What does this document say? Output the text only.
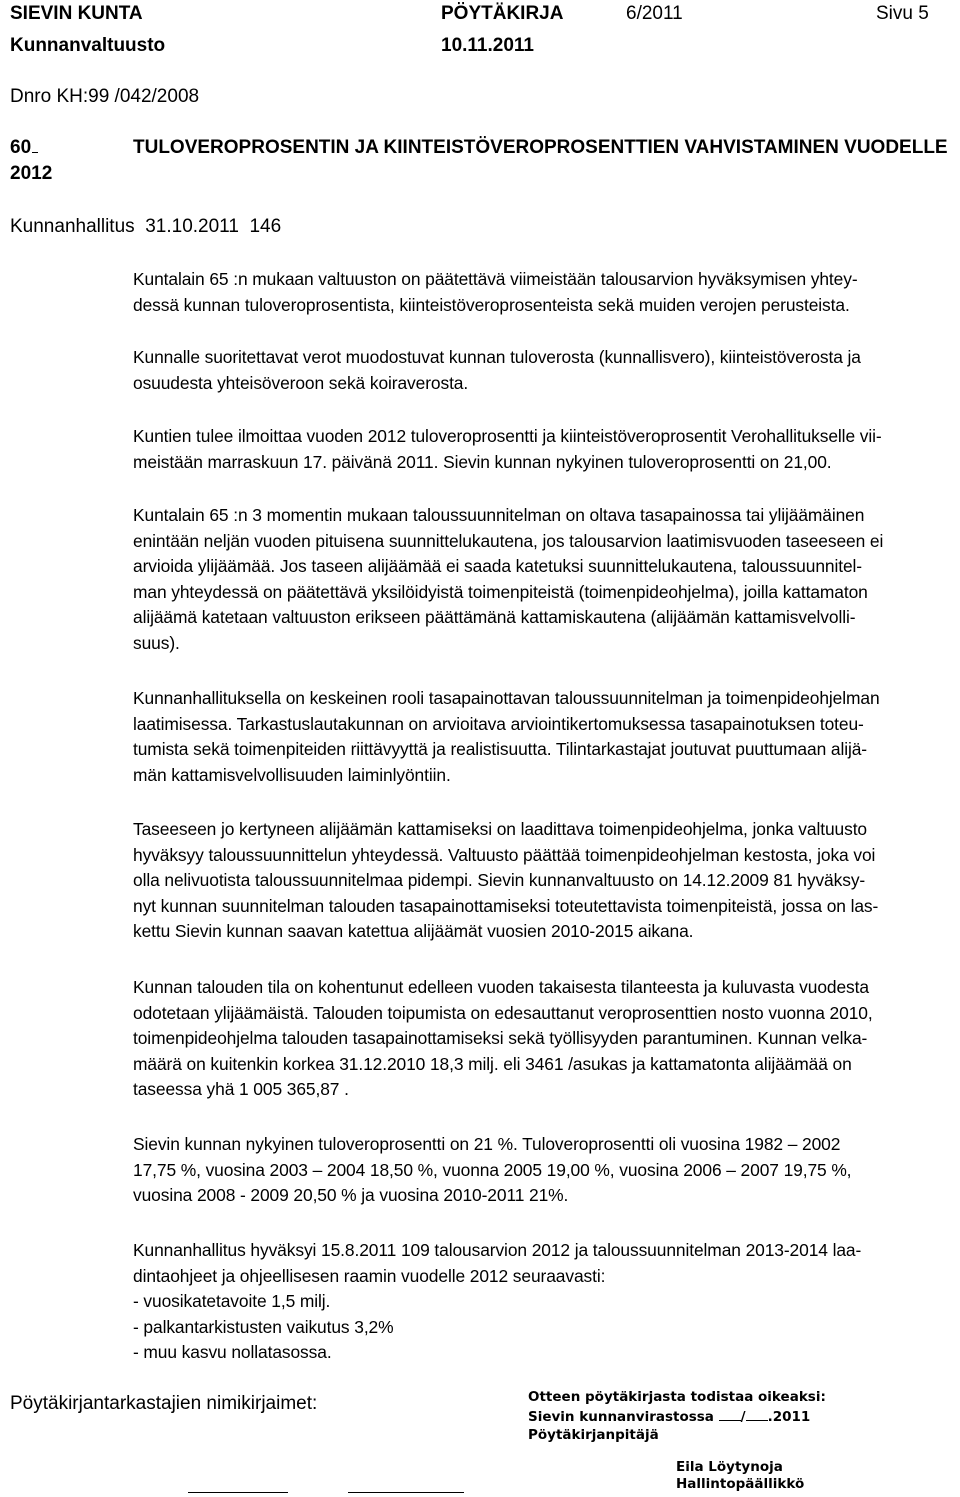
SIEVIN KUNTA	PÖYTÄKIRJA	6/2011	Sivu 5
Kunnanvaltuusto	10.11.2011
Dnro KH:99 /042/2008
60	TULOVEROPROSENTIN JA KIINTEISTÖVEROPROSENTTIEN VAHVISTAMINEN VUODELLE
2012
Kunnanhallitus  31.10.2011  146

Kuntalain 65 :n mukaan valtuuston on päätettävä viimeistään talousarvion hyväksymisen yhtey-
dessä kunnan tuloveroprosentista, kiinteistöveroprosenteista sekä muiden verojen perusteista.

Kunnalle suoritettavat verot muodostuvat kunnan tuloverosta (kunnallisvero), kiinteistöverosta ja
osuudesta yhteisöveroon sekä koiraverosta.

Kuntien tulee ilmoittaa vuoden 2012 tuloveroprosentti ja kiinteistöveroprosentit Verohallitukselle vii-
meistään marraskuun 17. päivänä 2011. Sievin kunnan nykyinen tuloveroprosentti on 21,00.

Kuntalain 65 :n 3 momentin mukaan taloussuunnitelman on oltava tasapainossa tai ylijäämäinen
enintään neljän vuoden pituisena suunnittelukautena, jos talousarvion laatimisvuoden taseeseen ei
arvioida ylijäämää. Jos taseen alijäämää ei saada katetuksi suunnittelukautena, taloussuunnitel-
man yhteydessä on päätettävä yksilöidyistä toimenpiteistä (toimenpideohjelma), joilla kattamaton
alijäämä katetaan valtuuston erikseen päättämänä kattamiskautena (alijäämän kattamisvelvolli-
suus).

Kunnanhallituksella on keskeinen rooli tasapainottavan taloussuunnitelman ja toimenpideohjelman
laatimisessa. Tarkastuslautakunnan on arvioitava arviointikertomuksessa tasapainotuksen toteu-
tumista sekä toimenpiteiden riittävyyttä ja realistisuutta. Tilintarkastajat joutuvat puuttumaan alijä-
män kattamisvelvollisuuden laiminlyöntiin.

Taseeseen jo kertyneen alijäämän kattamiseksi on laadittava toimenpideohjelma, jonka valtuusto
hyväksyy taloussuunnittelun yhteydessä. Valtuusto päättää toimenpideohjelman kestosta, joka voi
olla nelivuotista taloussuunnitelmaa pidempi. Sievin kunnanvaltuusto on 14.12.2009 81 hyväksy-
nyt kunnan suunnitelman talouden tasapainottamiseksi toteutettavista toimenpiteistä, jossa on las-
kettu Sievin kunnan saavan katettua alijäämät vuosien 2010-2015 aikana.

Kunnan talouden tila on kohentunut edelleen vuoden takaisesta tilanteesta ja kuluvasta vuodesta
odotetaan ylijäämäistä. Talouden toipumista on edesauttanut veroprosenttien nosto vuonna 2010,
toimenpideohjelma talouden tasapainottamiseksi sekä työllisyyden parantuminen. Kunnan velka-
määrä on kuitenkin korkea 31.12.2010 18,3 milj. eli 3461 /asukas ja kattamatonta alijäämää on
taseessa yhä 1 005 365,87 .

Sievin kunnan nykyinen tuloveroprosentti on 21 %. Tuloveroprosentti oli vuosina 1982 – 2002
17,75 %, vuosina 2003 – 2004 18,50 %, vuonna 2005 19,00 %, vuosina 2006 – 2007 19,75 %,
vuosina 2008 - 2009 20,50 % ja vuosina 2010-2011 21%.

Kunnanhallitus hyväksyi 15.8.2011 109 talousarvion 2012 ja taloussuunnitelman 2013-2014 laa-
dintaohjeet ja ohjeellisesen raamin vuodelle 2012 seuraavasti:
- vuosikatetavoite 1,5 milj.
- palkantarkistusten vaikutus 3,2%
- muu kasvu nollatasossa.

Pöytäkirjantarkastajien nimikirjaimet:	Otteen pöytäkirjasta todistaa oikeaksi:
Sievin kunnanvirastossa / .2011
Pöytäkirjanpitäjä
Eila Löytynoja
Hallintopäällikkö
